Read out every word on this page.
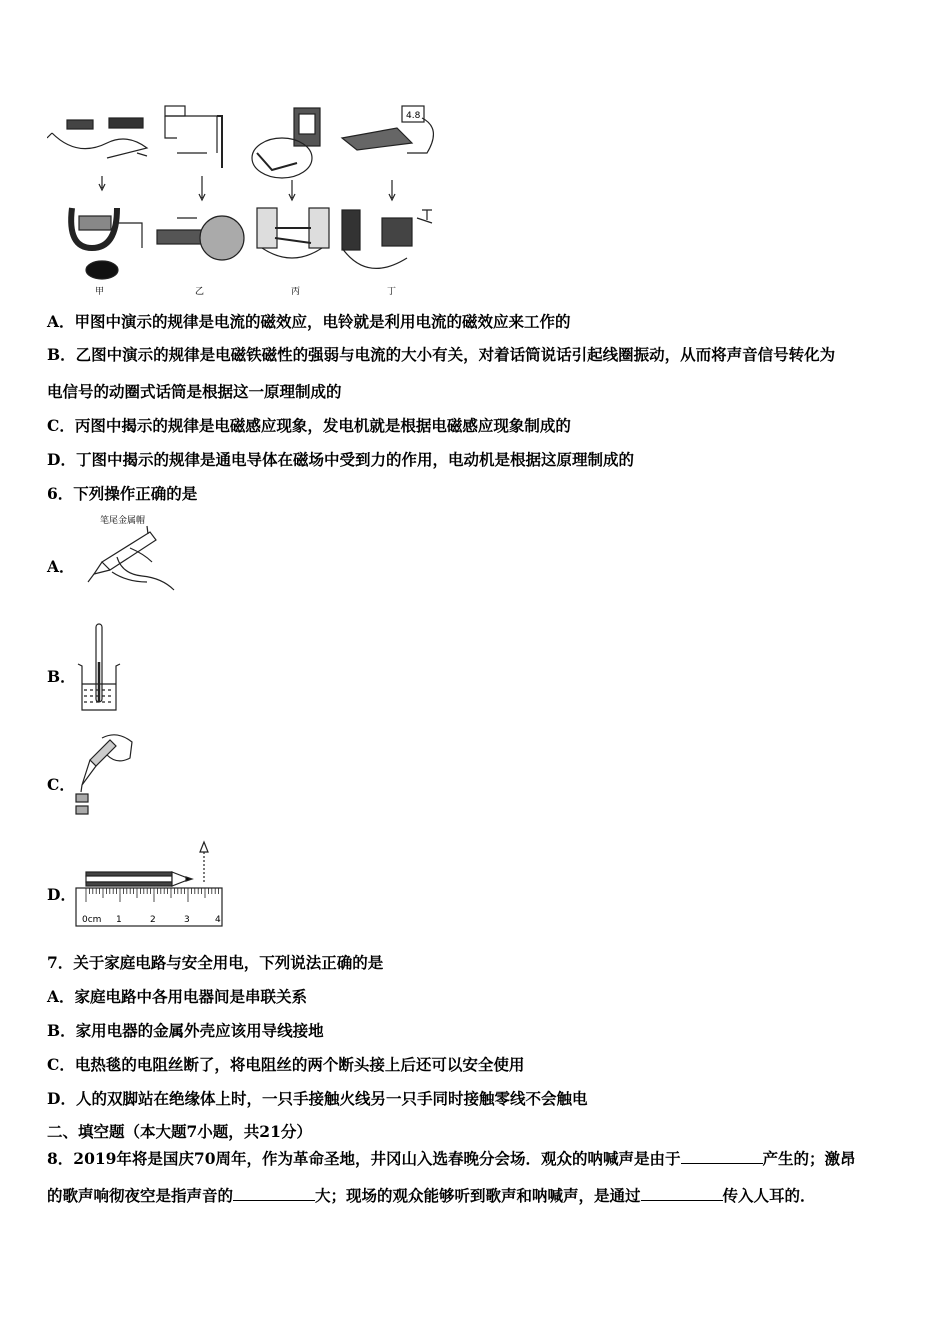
甲	乙	丙	丁
4.8
A．甲图中演示的规律是电流的磁效应，电铃就是利用电流的磁效应来工作的
B．乙图中演示的规律是电磁铁磁性的强弱与电流的大小有关，对着话筒说话引起线圈振动，从而将声音信号转化为
电信号的动圈式话筒是根据这一原理制成的
C．丙图中揭示的规律是电磁感应现象，发电机就是根据电磁感应现象制成的
D．丁图中揭示的规律是通电导体在磁场中受到力的作用，电动机是根据这原理制成的
6．下列操作正确的是
A．
笔尾金属帽
B．
C．
D．
0cm 1	2	3	4
7．关于家庭电路与安全用电，下列说法正确的是
A．家庭电路中各用电器间是串联关系
B．家用电器的金属外壳应该用导线接地
C．电热毯的电阻丝断了，将电阻丝的两个断头接上后还可以安全使用
D．人的双脚站在绝缘体上时，一只手接触火线另一只手同时接触零线不会触电
二、填空题（本大题7小题，共21分）
8．2019年将是国庆70周年，作为革命圣地，井冈山入选春晚分会场．观众的呐喊声是由于	产生的；激昂
的歌声响彻夜空是指声音的	大；现场的观众能够听到歌声和呐喊声，是通过	传入人耳的．
